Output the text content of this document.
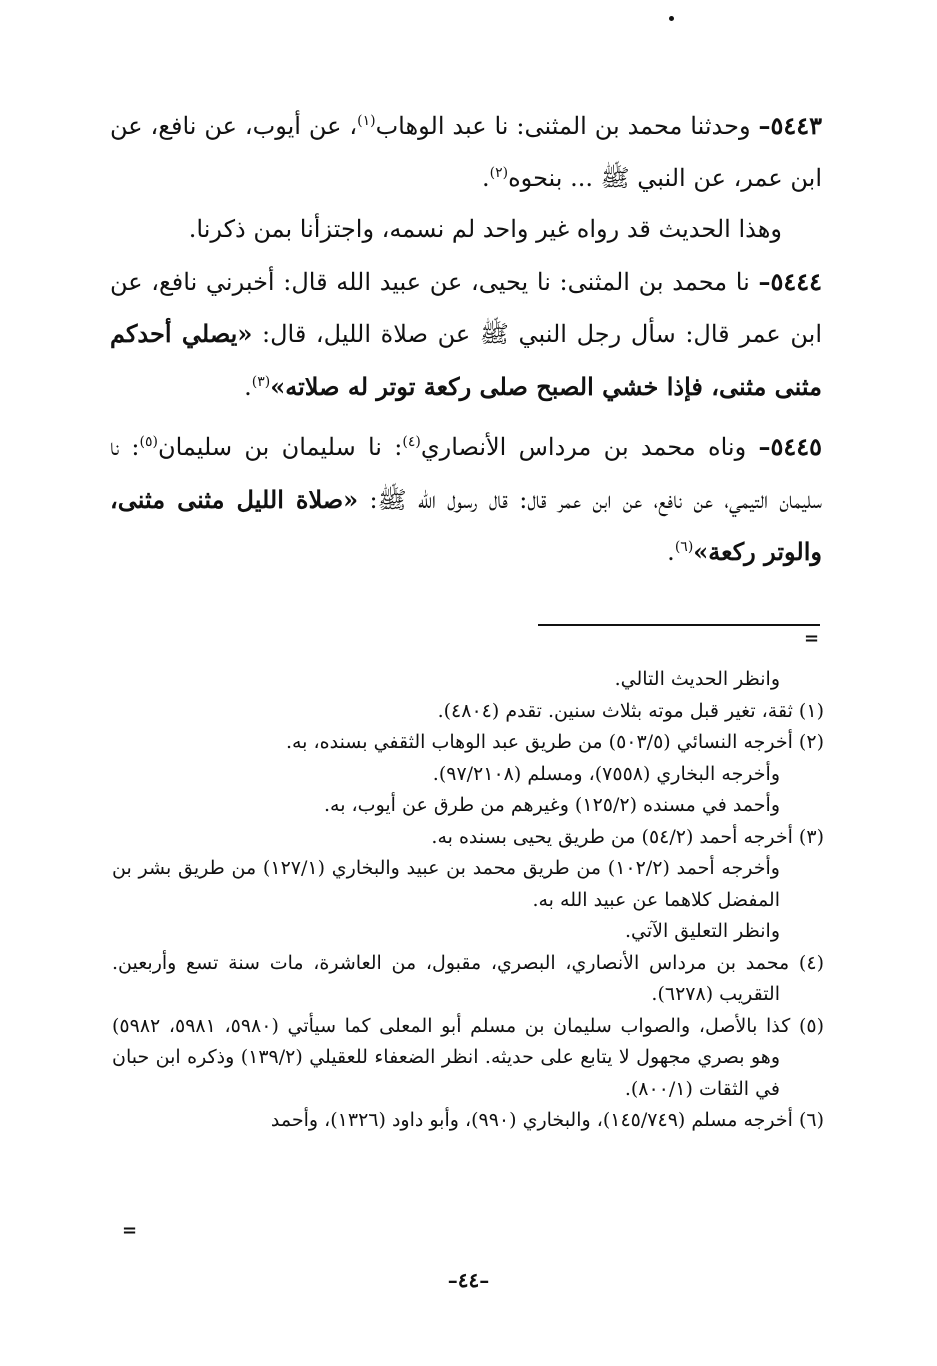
٥٤٤٣– وحدثنا محمد بن المثنى: نا عبد الوهاب$^{(١)}$، عن أيوب، عن نافع، عن ابن عمر، عن النبي ﷺ ... بنحوه$^{(٢)}$.

وهذا الحديث قد رواه غير واحد لم نسمه، واجتزأنا بمن ذكرنا.

٥٤٤٤– نا محمد بن المثنى: نا يحيى، عن عبيد الله قال: أخبرني نافع، عن ابن عمر قال: سأل رجل النبي ﷺ عن صلاة الليل، قال: «يصلي أحدكم مثنى مثنى، فإذا خشي الصبح صلى ركعة توتر له صلاته»$^{(٣)}$.

٥٤٤٥– وناه محمد بن مرداس الأنصاري$^{(٤)}$: نا سليمان بن سليمان$^{(٥)}$: نا سليمان التيمي، عن نافع، عن ابن عمر قال: قال رسول الله ﷺ: «صلاة الليل مثنى مثنى، والوتر ركعة»$^{(٦)}$.

=

وانظر الحديث التالي.

(١) ثقة، تغير قبل موته بثلاث سنين. تقدم (٤٨٠٤).

(٢) أخرجه النسائي (٥٠٣/٥) من طريق عبد الوهاب الثقفي بسنده، به.

وأخرجه البخاري (٧٥٥٨)، ومسلم (٩٧/٢١٠٨).

وأحمد في مسنده (١٢٥/٢) وغيرهم من طرق عن أيوب، به.

(٣) أخرجه أحمد (٥٤/٢) من طريق يحيى بسنده به.

وأخرجه أحمد (١٠٢/٢) من طريق محمد بن عبيد والبخاري (١٢٧/١) من طريق بشر بن المفضل كلاهما عن عبيد الله به.

وانظر التعليق الآتي.

(٤) محمد بن مرداس الأنصاري، البصري، مقبول، من العاشرة، مات سنة تسع وأربعين. التقريب (٦٢٧٨).

(٥) كذا بالأصل، والصواب سليمان بن مسلم أبو المعلى كما سيأتي (٥٩٨٠، ٥٩٨١، ٥٩٨٢) وهو بصري مجهول لا يتابع على حديثه. انظر الضعفاء للعقيلي (١٣٩/٢) وذكره ابن حبان في الثقات (٨٠٠/١).

(٦) أخرجه مسلم (١٤٥/٧٤٩)، والبخاري (٩٩٠)، وأبو داود (١٣٢٦)، وأحمد

=
–٤٤–
